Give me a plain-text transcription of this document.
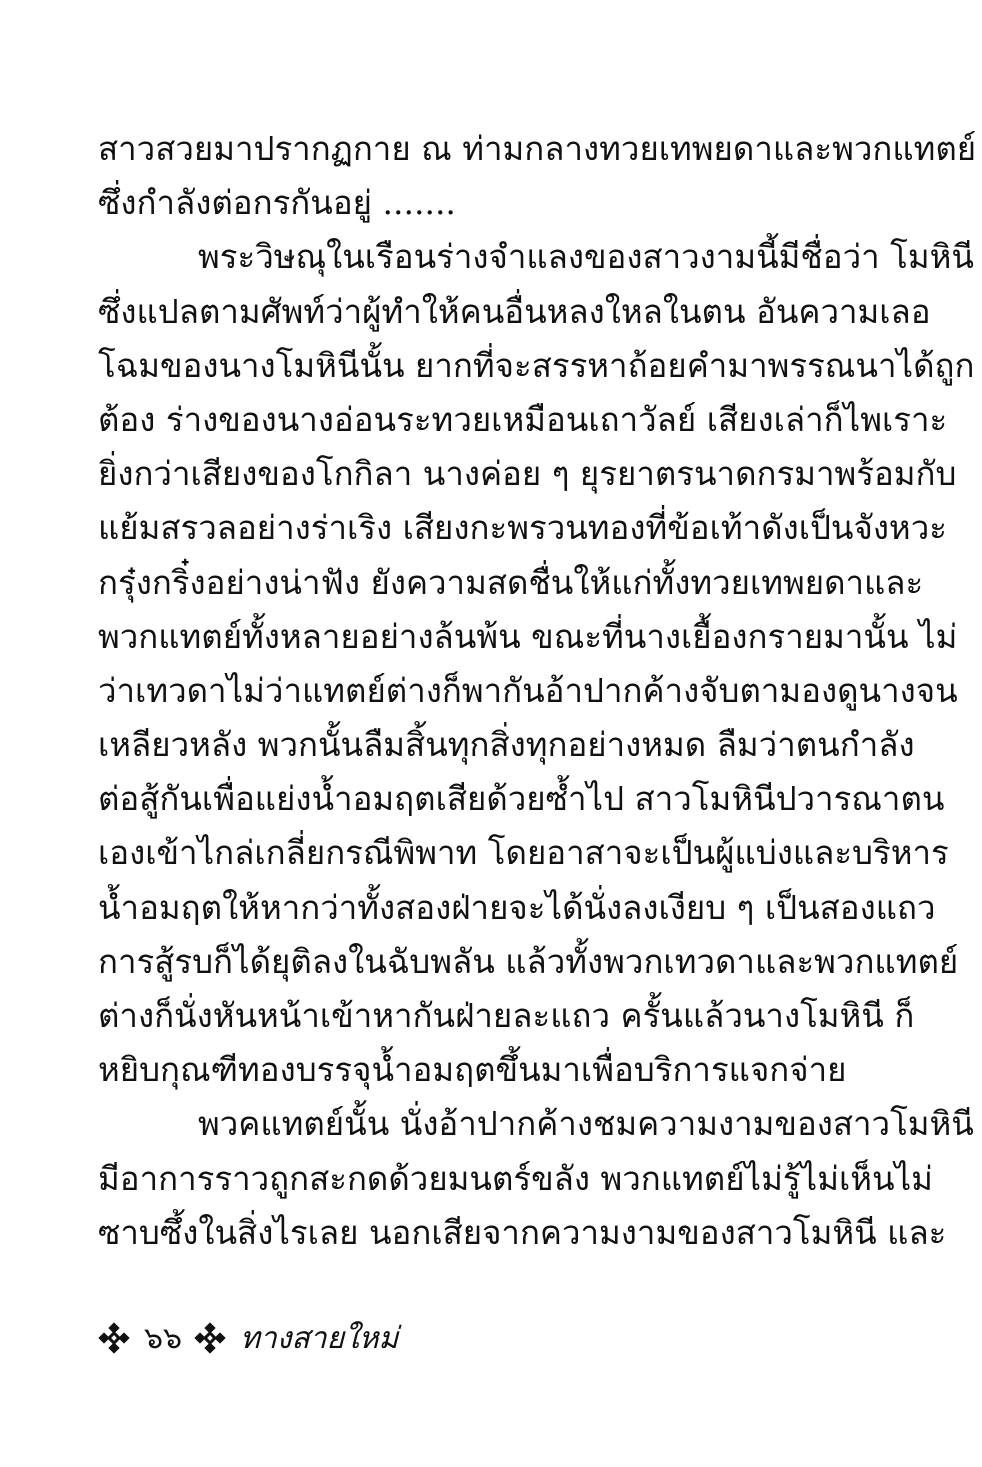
สาวสวยมาปรากฏกาย ณ ท่ามกลางทวยเทพยดาและพวกแทตย์
ซึ่งกำลังต่อกรกันอยู่ .......
พระวิษณุในเรือนร่างจำแลงของสาวงามนี้มีชื่อว่า โมหินี
ซึ่งแปลตามศัพท์ว่าผู้ทำให้คนอื่นหลงใหลในตน อันความเลอ
โฉมของนางโมหินีนั้น ยากที่จะสรรหาถ้อยคำมาพรรณนาได้ถูก
ต้อง ร่างของนางอ่อนระทวยเหมือนเถาวัลย์ เสียงเล่าก็ไพเราะ
ยิ่งกว่าเสียงของโกกิลา นางค่อย ๆ ยุรยาตรนาดกรมาพร้อมกับ
แย้มสรวลอย่างร่าเริง เสียงกะพรวนทองที่ข้อเท้าดังเป็นจังหวะ
กรุ๋งกริ๋งอย่างน่าฟัง ยังความสดชื่นให้แก่ทั้งทวยเทพยดาและ
พวกแทตย์ทั้งหลายอย่างล้นพ้น ขณะที่นางเยื้องกรายมานั้น ไม่
ว่าเทวดาไม่ว่าแทตย์ต่างก็พากันอ้าปากค้างจับตามองดูนางจน
เหลียวหลัง พวกนั้นลืมสิ้นทุกสิ่งทุกอย่างหมด ลืมว่าตนกำลัง
ต่อสู้กันเพื่อแย่งน้ำอมฤตเสียด้วยซ้ำไป สาวโมหินีปวารณาตน
เองเข้าไกล่เกลี่ยกรณีพิพาท โดยอาสาจะเป็นผู้แบ่งและบริหาร
น้ำอมฤตให้หากว่าทั้งสองฝ่ายจะได้นั่งลงเงียบ ๆ เป็นสองแถว
การสู้รบก็ได้ยุติลงในฉับพลัน แล้วทั้งพวกเทวดาและพวกแทตย์
ต่างก็นั่งหันหน้าเข้าหากันฝ่ายละแถว ครั้นแล้วนางโมหินี ก็
หยิบกุณฑีทองบรรจุน้ำอมฤตขึ้นมาเพื่อบริการแจกจ่าย
พวคแทตย์นั้น นั่งอ้าปากค้างชมความงามของสาวโมหินี
มีอาการราวถูกสะกดด้วยมนตร์ขลัง พวกแทตย์ไม่รู้ไม่เห็นไม่
ซาบซึ้งในสิ่งไรเลย นอกเสียจากความงามของสาวโมหินี และ
๖๖ ทางสายใหม่
